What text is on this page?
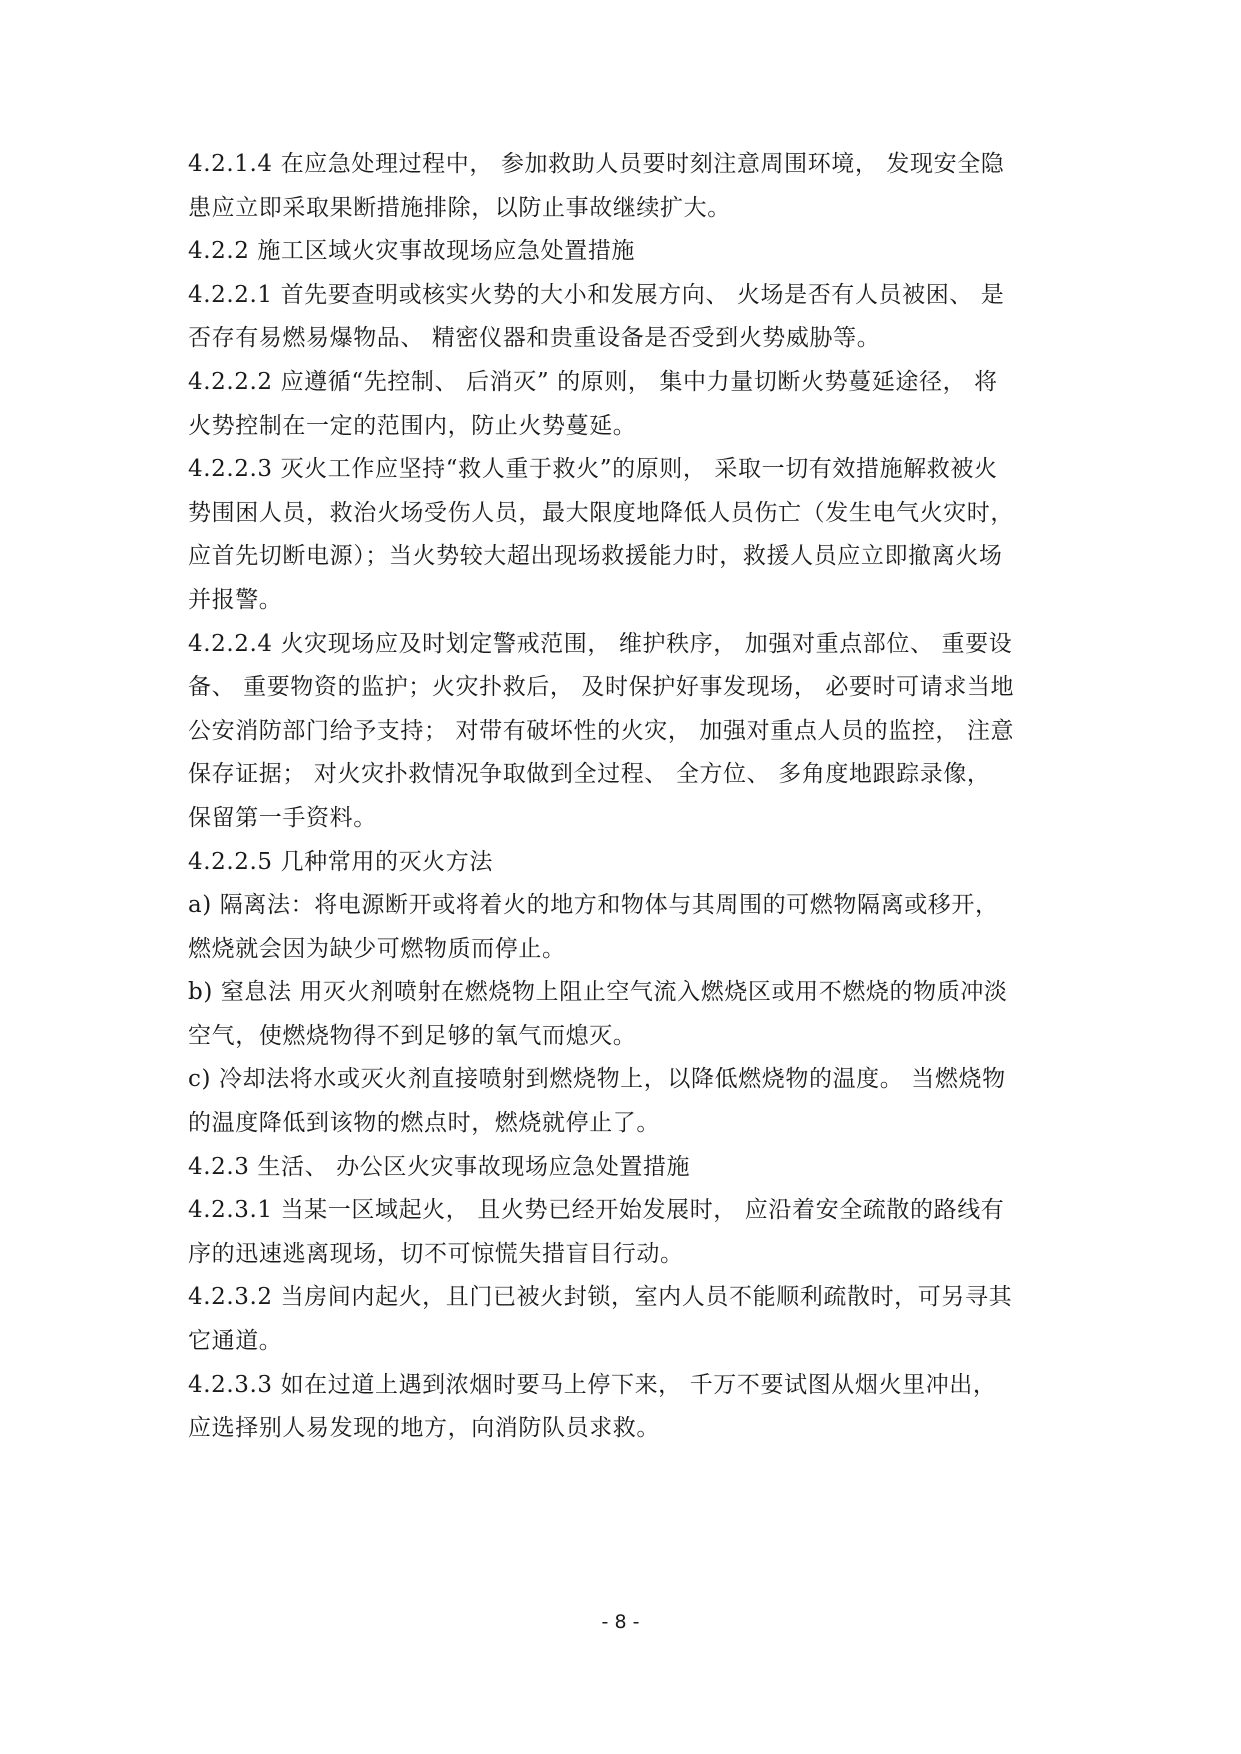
4.2.1.4 在应急处理过程中， 参加救助人员要时刻注意周围环境， 发现安全隐
患应立即采取果断措施排除，以防止事故继续扩大。
4.2.2 施工区域火灾事故现场应急处置措施
4.2.2.1 首先要查明或核实火势的大小和发展方向、 火场是否有人员被困、 是
否存有易燃易爆物品、 精密仪器和贵重设备是否受到火势威胁等。
4.2.2.2 应遵循“先控制、 后消灭” 的原则， 集中力量切断火势蔓延途径， 将
火势控制在一定的范围内，防止火势蔓延。
4.2.2.3 灭火工作应坚持“救人重于救火”的原则， 采取一切有效措施解救被火
势围困人员，救治火场受伤人员，最大限度地降低人员伤亡（发生电气火灾时，
应首先切断电源）；当火势较大超出现场救援能力时，救援人员应立即撤离火场
并报警。
4.2.2.4 火灾现场应及时划定警戒范围， 维护秩序， 加强对重点部位、 重要设
备、 重要物资的监护；火灾扑救后， 及时保护好事发现场， 必要时可请求当地
公安消防部门给予支持； 对带有破坏性的火灾， 加强对重点人员的监控， 注意
保存证据； 对火灾扑救情况争取做到全过程、 全方位、 多角度地跟踪录像，
保留第一手资料。
4.2.2.5 几种常用的灭火方法
a) 隔离法：将电源断开或将着火的地方和物体与其周围的可燃物隔离或移开，
燃烧就会因为缺少可燃物质而停止。
b) 窒息法 用灭火剂喷射在燃烧物上阻止空气流入燃烧区或用不燃烧的物质冲淡
空气，使燃烧物得不到足够的氧气而熄灭。
c) 冷却法将水或灭火剂直接喷射到燃烧物上，以降低燃烧物的温度。 当燃烧物
的温度降低到该物的燃点时，燃烧就停止了。
4.2.3 生活、 办公区火灾事故现场应急处置措施
4.2.3.1 当某一区域起火， 且火势已经开始发展时， 应沿着安全疏散的路线有
序的迅速逃离现场，切不可惊慌失措盲目行动。
4.2.3.2 当房间内起火，且门已被火封锁，室内人员不能顺利疏散时，可另寻其
它通道。
4.2.3.3 如在过道上遇到浓烟时要马上停下来， 千万不要试图从烟火里冲出，
应选择别人易发现的地方，向消防队员求救。
- 8 -
